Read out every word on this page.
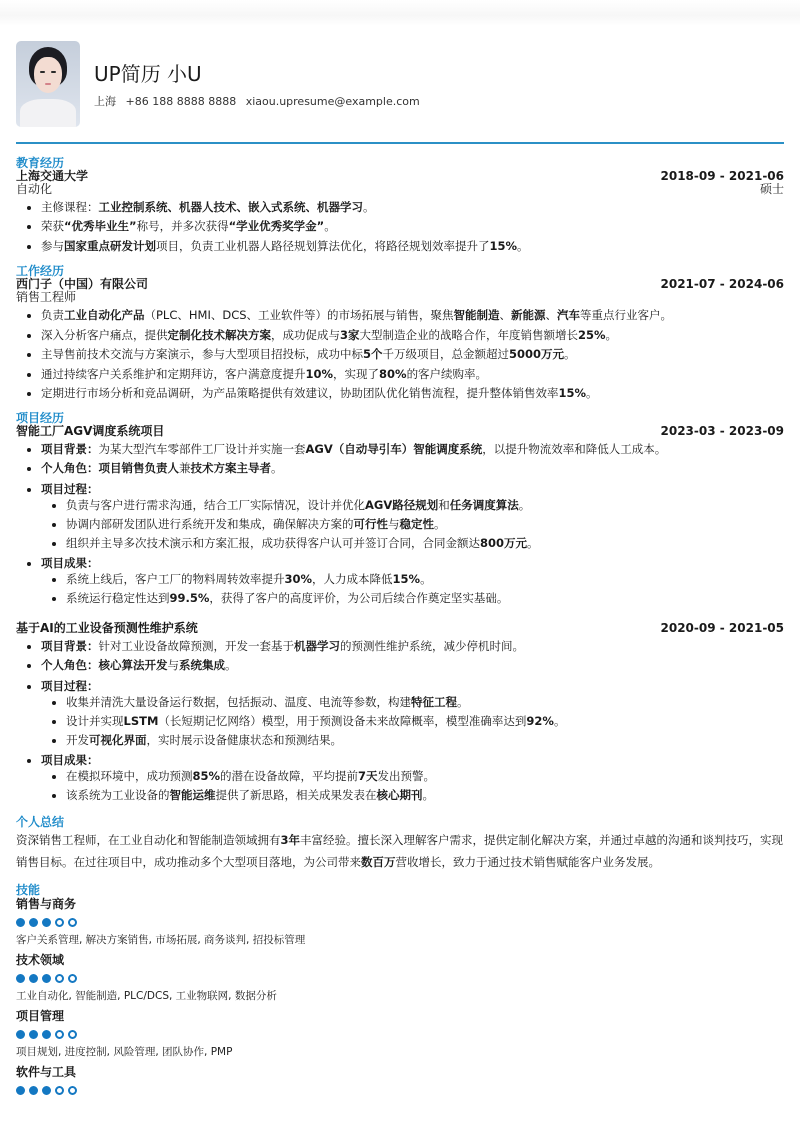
UP简历 小U
上海 +86 188 8888 8888 xiaou.upresume@example.com
教育经历
上海交通大学	2018-09 - 2021-06
自动化	硕士
• 主修课程：工业控制系统、机器人技术、嵌入式系统、机器学习。
• 荣获“优秀毕业生”称号，并多次获得“学业优秀奖学金”。
• 参与国家重点研发计划项目，负责工业机器人路径规划算法优化，将路径规划效率提升了15%。
工作经历
西门子（中国）有限公司	2021-07 - 2024-06
销售工程师
• 负责工业自动化产品（PLC、HMI、DCS、工业软件等）的市场拓展与销售，聚焦智能制造、新能源、汽车等重点行业客户。
• 深入分析客户痛点，提供定制化技术解决方案，成功促成与3家大型制造企业的战略合作，年度销售额增长25%。
• 主导售前技术交流与方案演示，参与大型项目招投标，成功中标5个千万级项目，总金额超过5000万元。
• 通过持续客户关系维护和定期拜访，客户满意度提升10%，实现了80%的客户续购率。
• 定期进行市场分析和竞品调研，为产品策略提供有效建议，协助团队优化销售流程，提升整体销售效率15%。
项目经历
智能工厂AGV调度系统项目	2023-03 - 2023-09
• 项目背景：为某大型汽车零部件工厂设计并实施一套AGV（自动导引车）智能调度系统，以提升物流效率和降低人工成本。
• 个人角色：项目销售负责人兼技术方案主导者。
• 项目过程：
• 负责与客户进行需求沟通，结合工厂实际情况，设计并优化AGV路径规划和任务调度算法。
• 协调内部研发团队进行系统开发和集成，确保解决方案的可行性与稳定性。
• 组织并主导多次技术演示和方案汇报，成功获得客户认可并签订合同，合同金额达800万元。
• 项目成果：
• 系统上线后，客户工厂的物料周转效率提升30%，人力成本降低15%。
• 系统运行稳定性达到99.5%，获得了客户的高度评价，为公司后续合作奠定坚实基础。
基于AI的工业设备预测性维护系统	2020-09 - 2021-05
• 项目背景：针对工业设备故障预测，开发一套基于机器学习的预测性维护系统，减少停机时间。
• 个人角色：核心算法开发与系统集成。
• 项目过程：
• 收集并清洗大量设备运行数据，包括振动、温度、电流等参数，构建特征工程。
• 设计并实现LSTM（长短期记忆网络）模型，用于预测设备未来故障概率，模型准确率达到92%。
• 开发可视化界面，实时展示设备健康状态和预测结果。
• 项目成果：
• 在模拟环境中，成功预测85%的潜在设备故障，平均提前7天发出预警。
• 该系统为工业设备的智能运维提供了新思路，相关成果发表在核心期刊。
个人总结
资深销售工程师，在工业自动化和智能制造领域拥有3年丰富经验。擅长深入理解客户需求，提供定制化解决方案，并通过卓越的沟通和谈判技巧，实现销售目标。在过往项目中，成功推动多个大型项目落地，为公司带来数百万营收增长，致力于通过技术销售赋能客户业务发展。
技能
销售与商务
客户关系管理, 解决方案销售, 市场拓展, 商务谈判, 招投标管理
技术领域
工业自动化, 智能制造, PLC/DCS, 工业物联网, 数据分析
项目管理
项目规划, 进度控制, 风险管理, 团队协作, PMP
软件与工具
